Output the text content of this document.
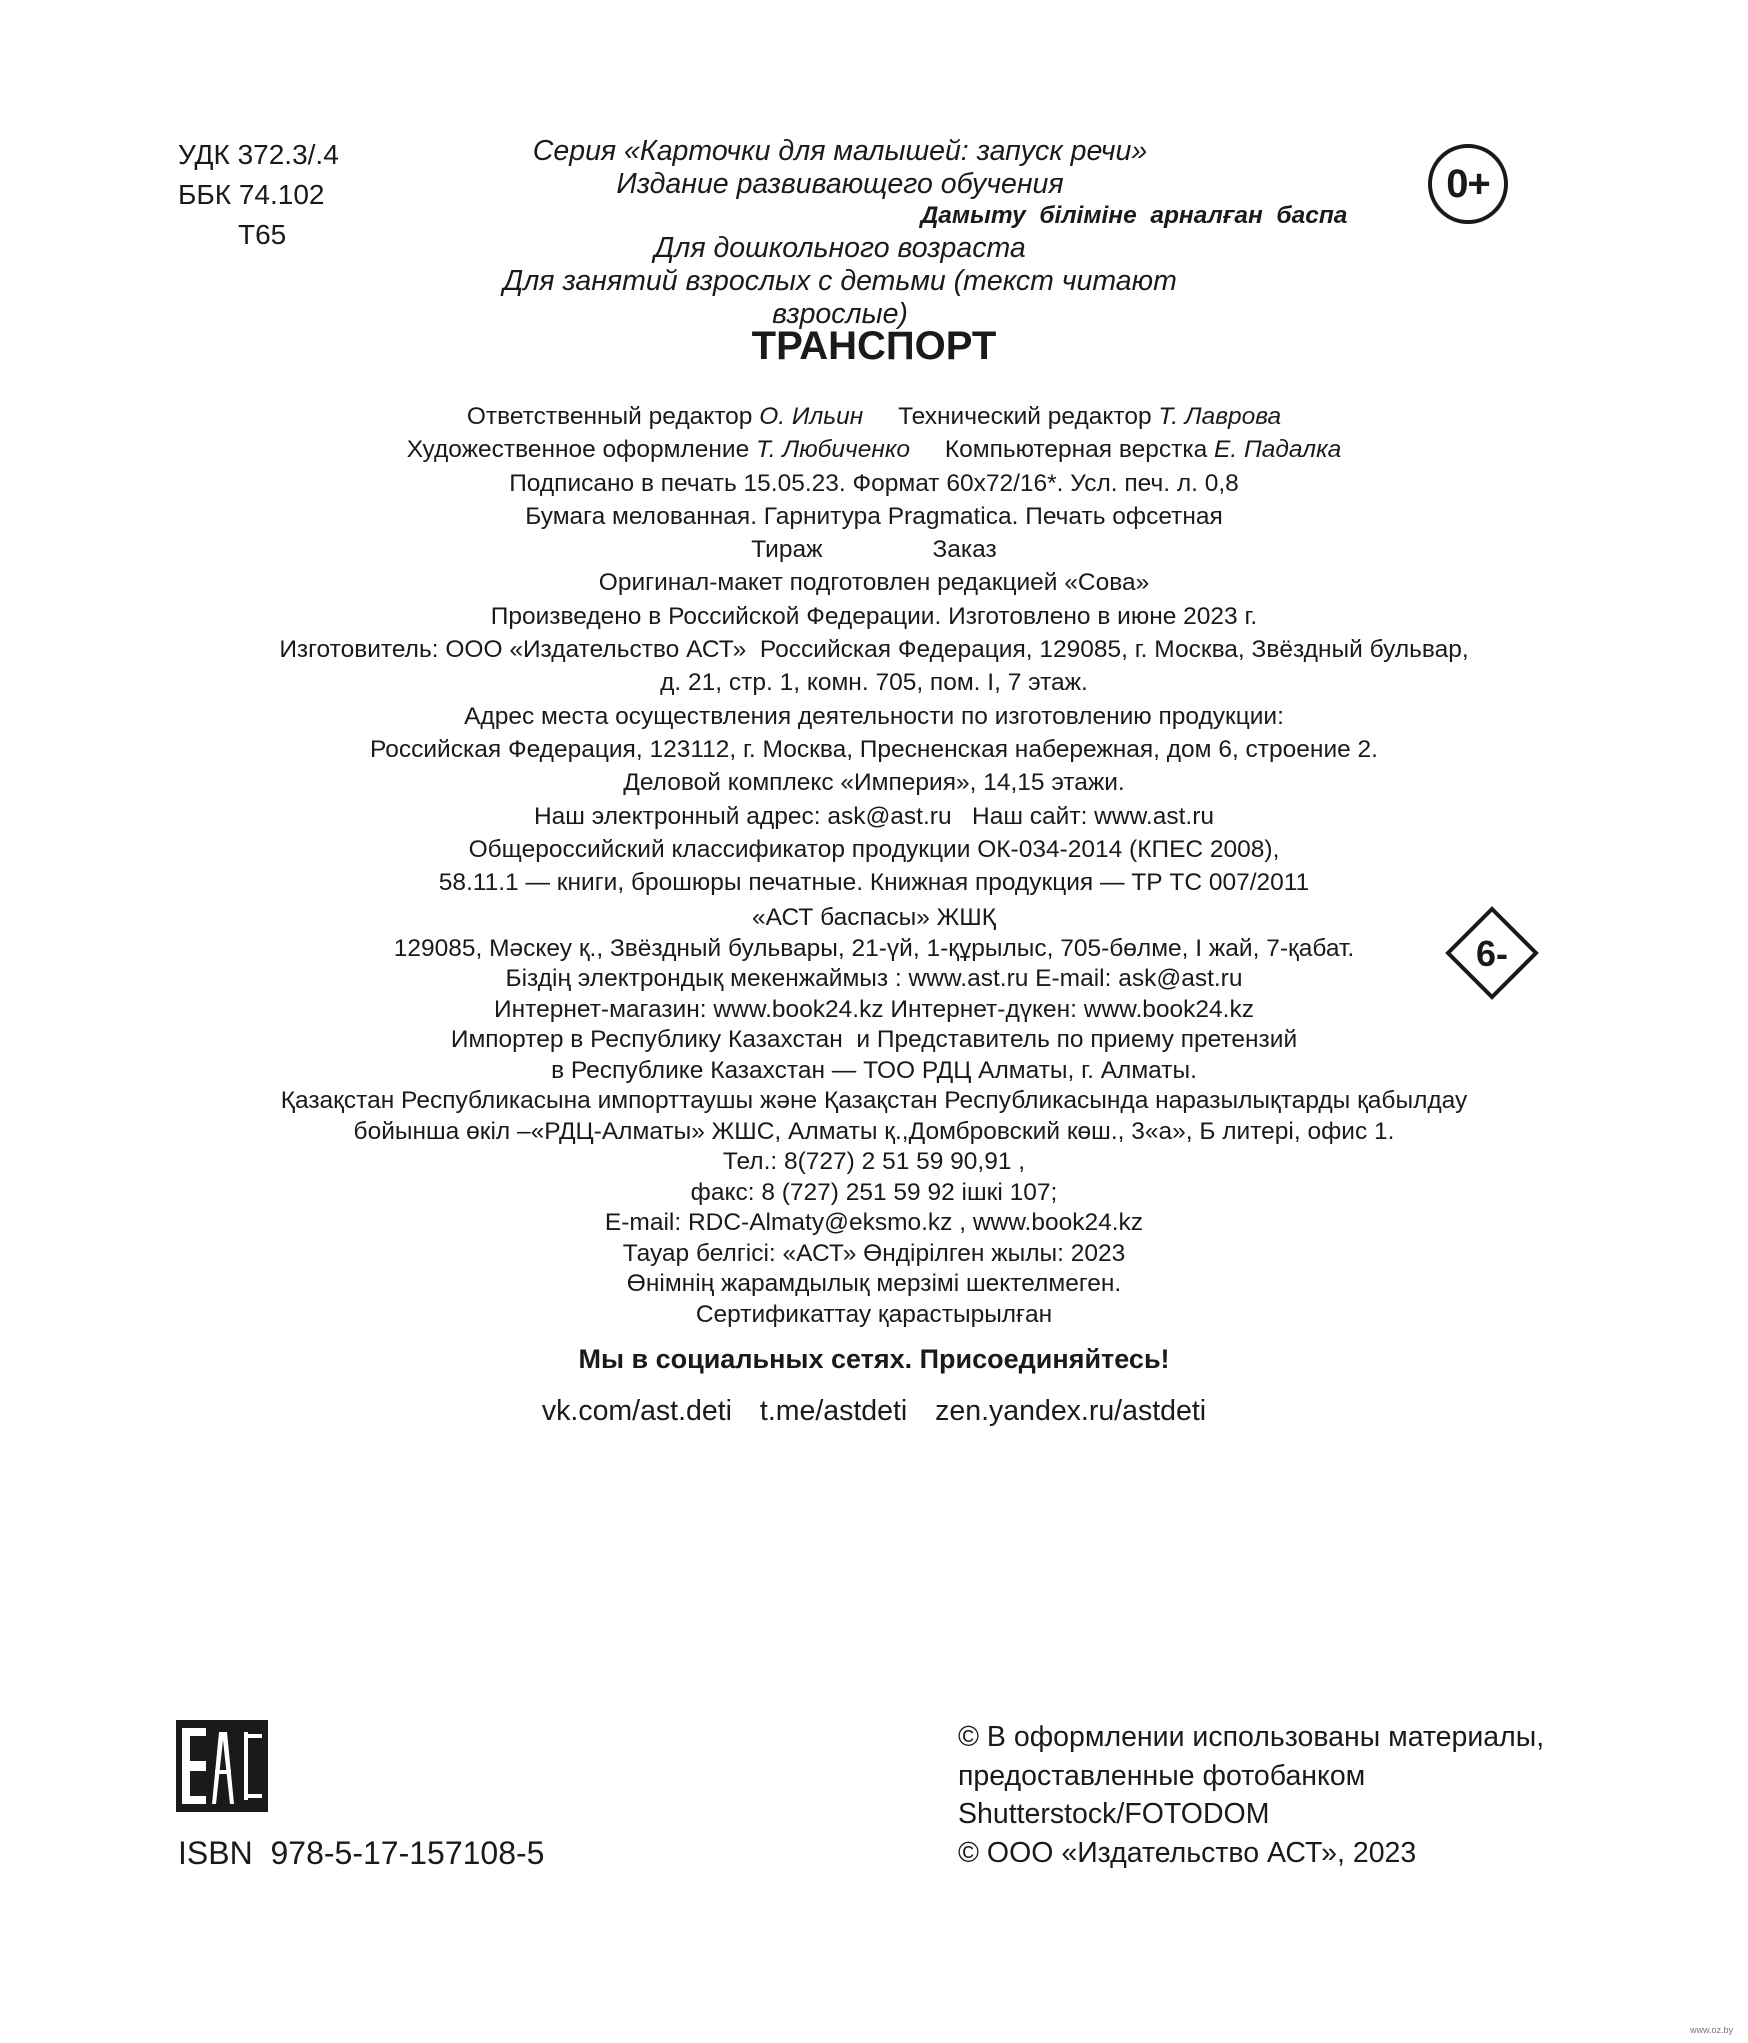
УДК 372.3/.4
ББК 74.102
Т65
Серия «Карточки для малышей: запуск речи»
Издание развивающего обучения
Дамыту  біліміне  арналған  баспа
Для дошкольного возраста
Для занятий взрослых с детьми (текст читают взрослые)
0+
ТРАНСПОРТ
Ответственный редактор О. Ильин Технический редактор Т. Лаврова
Художественное оформление Т. Любиченко Компьютерная верстка Е. Падалка
Подписано в печать 15.05.23. Формат 60x72/16*. Усл. печ. л. 0,8
Бумага мелованная. Гарнитура Pragmatica. Печать офсетная
Тираж	Заказ
Оригинал-макет подготовлен редакцией «Сова»
Произведено в Российской Федерации. Изготовлено в июне 2023 г.
Изготовитель: ООО «Издательство АСТ»  Российская Федерация, 129085, г. Москва, Звёздный бульвар,
д. 21, стр. 1, комн. 705, пом. I, 7 этаж.
Адрес места осуществления деятельности по изготовлению продукции:
Российская Федерация, 123112, г. Москва, Пресненская набережная, дом 6, строение 2.
Деловой комплекс «Империя», 14,15 этажи.
Наш электронный адрес: ask@ast.ru   Наш сайт: www.ast.ru
Общероссийский классификатор продукции ОК-034-2014 (КПЕС 2008),
58.11.1 — книги, брошюры печатные. Книжная продукция — ТР ТС 007/2011
«АСТ баспасы» ЖШҚ
129085, Мәскеу қ., Звёздный бульвары, 21-үй, 1-құрылыс, 705-бөлме, I жай, 7-қабат.
Біздің электрондық мекенжаймыз : www.ast.ru E-mail: ask@ast.ru
Интернет-магазин: www.book24.kz Интернет-дүкен: www.book24.kz
Импортер в Республику Казахстан  и Представитель по приему претензий
в Республике Казахстан — ТОО РДЦ Алматы, г. Алматы.
Қазақстан Республикасына импорттаушы және Қазақстан Республикасында наразылықтарды қабылдау
бойынша өкіл –«РДЦ-Алматы» ЖШС, Алматы қ.,Домбровский көш., 3«а», Б литері, офис 1.
Тел.: 8(727) 2 51 59 90,91 ,
факс: 8 (727) 251 59 92 ішкі 107;
E-mail: RDC-Almaty@eksmo.kz , www.book24.kz
Тауар белгісі: «АСТ» Өндірілген жылы: 2023
Өнімнің жарамдылық мерзімі шектелмеген.
Сертификаттау қарастырылған
6-
Мы в социальных сетях. Присоединяйтесь!
vk.com/ast.deti t.me/astdeti zen.yandex.ru/astdeti
ISBN  978-5-17-157108-5
© В оформлении использованы материалы,
предоставленные фотобанком
Shutterstock/FOTODOM
© ООО «Издательство АСТ», 2023
www.oz.by
